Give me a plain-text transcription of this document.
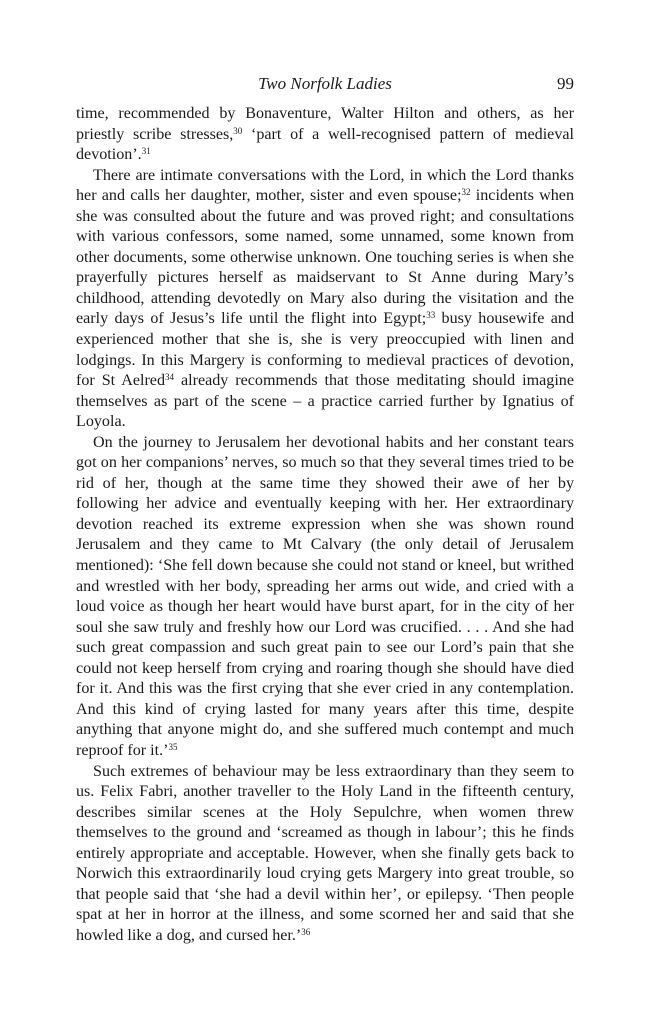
Two Norfolk Ladies	99

time, recommended by Bonaventure, Walter Hilton and others, as her priestly scribe stresses,$^{30}$ ‘part of a well-recognised pattern of medieval devotion’.$^{31}$

There are intimate conversations with the Lord, in which the Lord thanks her and calls her daughter, mother, sister and even spouse;$^{32}$ incidents when she was consulted about the future and was proved right; and consultations with various confessors, some named, some unnamed, some known from other documents, some otherwise unknown. One touching series is when she prayerfully pictures herself as maidservant to St Anne during Mary’s childhood, attending devotedly on Mary also during the visitation and the early days of Jesus’s life until the flight into Egypt;$^{33}$ busy housewife and experienced mother that she is, she is very preoccupied with linen and lodgings. In this Margery is conforming to medieval practices of devotion, for St Aelred$^{34}$ already recommends that those meditating should imagine themselves as part of the scene – a practice carried further by Ignatius of Loyola.

On the journey to Jerusalem her devotional habits and her constant tears got on her companions’ nerves, so much so that they several times tried to be rid of her, though at the same time they showed their awe of her by following her advice and eventually keeping with her. Her extraordinary devotion reached its extreme expression when she was shown round Jerusalem and they came to Mt Calvary (the only detail of Jerusalem mentioned): ‘She fell down because she could not stand or kneel, but writhed and wrestled with her body, spreading her arms out wide, and cried with a loud voice as though her heart would have burst apart, for in the city of her soul she saw truly and freshly how our Lord was crucified. . . . And she had such great compassion and such great pain to see our Lord’s pain that she could not keep herself from crying and roaring though she should have died for it. And this was the first crying that she ever cried in any contemplation. And this kind of crying lasted for many years after this time, despite anything that anyone might do, and she suffered much contempt and much reproof for it.’$^{35}$

Such extremes of behaviour may be less extraordinary than they seem to us. Felix Fabri, another traveller to the Holy Land in the fifteenth century, describes similar scenes at the Holy Sepulchre, when women threw themselves to the ground and ‘screamed as though in labour’; this he finds entirely appropriate and acceptable. However, when she finally gets back to Norwich this extraordinarily loud crying gets Margery into great trouble, so that people said that ‘she had a devil within her’, or epilepsy. ‘Then people spat at her in horror at the illness, and some scorned her and said that she howled like a dog, and cursed her.’$^{36}$
